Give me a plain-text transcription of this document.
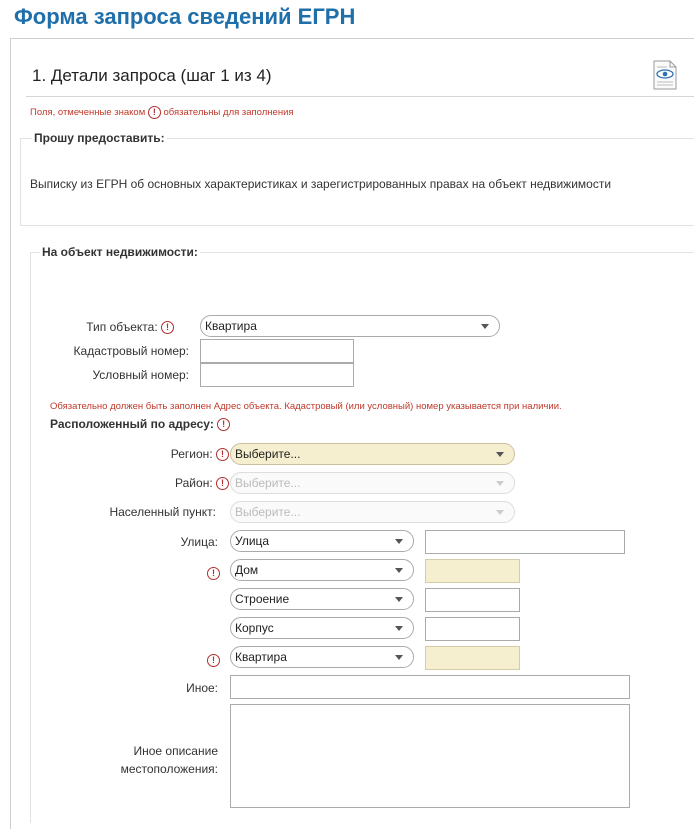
Форма запроса сведений ЕГРН
1. Детали запроса (шаг 1 из 4)
Поля, отмеченные знаком ! обязательны для заполнения
Прошу предоставить:
Выписку из ЕГРН об основных характеристиках и зарегистрированных правах на объект недвижимости
На объект недвижимости:
Тип объекта: !	Квартира
Кадастровый номер:
Условный номер:
Обязательно должен быть заполнен Адрес объекта. Кадастровый (или условный) номер указывается при наличии.
Расположенный по адресу: !
Регион: ! Выберите...
Район: ! Выберите...
Населенный пункт:	Выберите...
Улица:	Улица
!	Дом
Строение
Корпус
!	Квартира
Иное:
Иное описание
местоположения:
